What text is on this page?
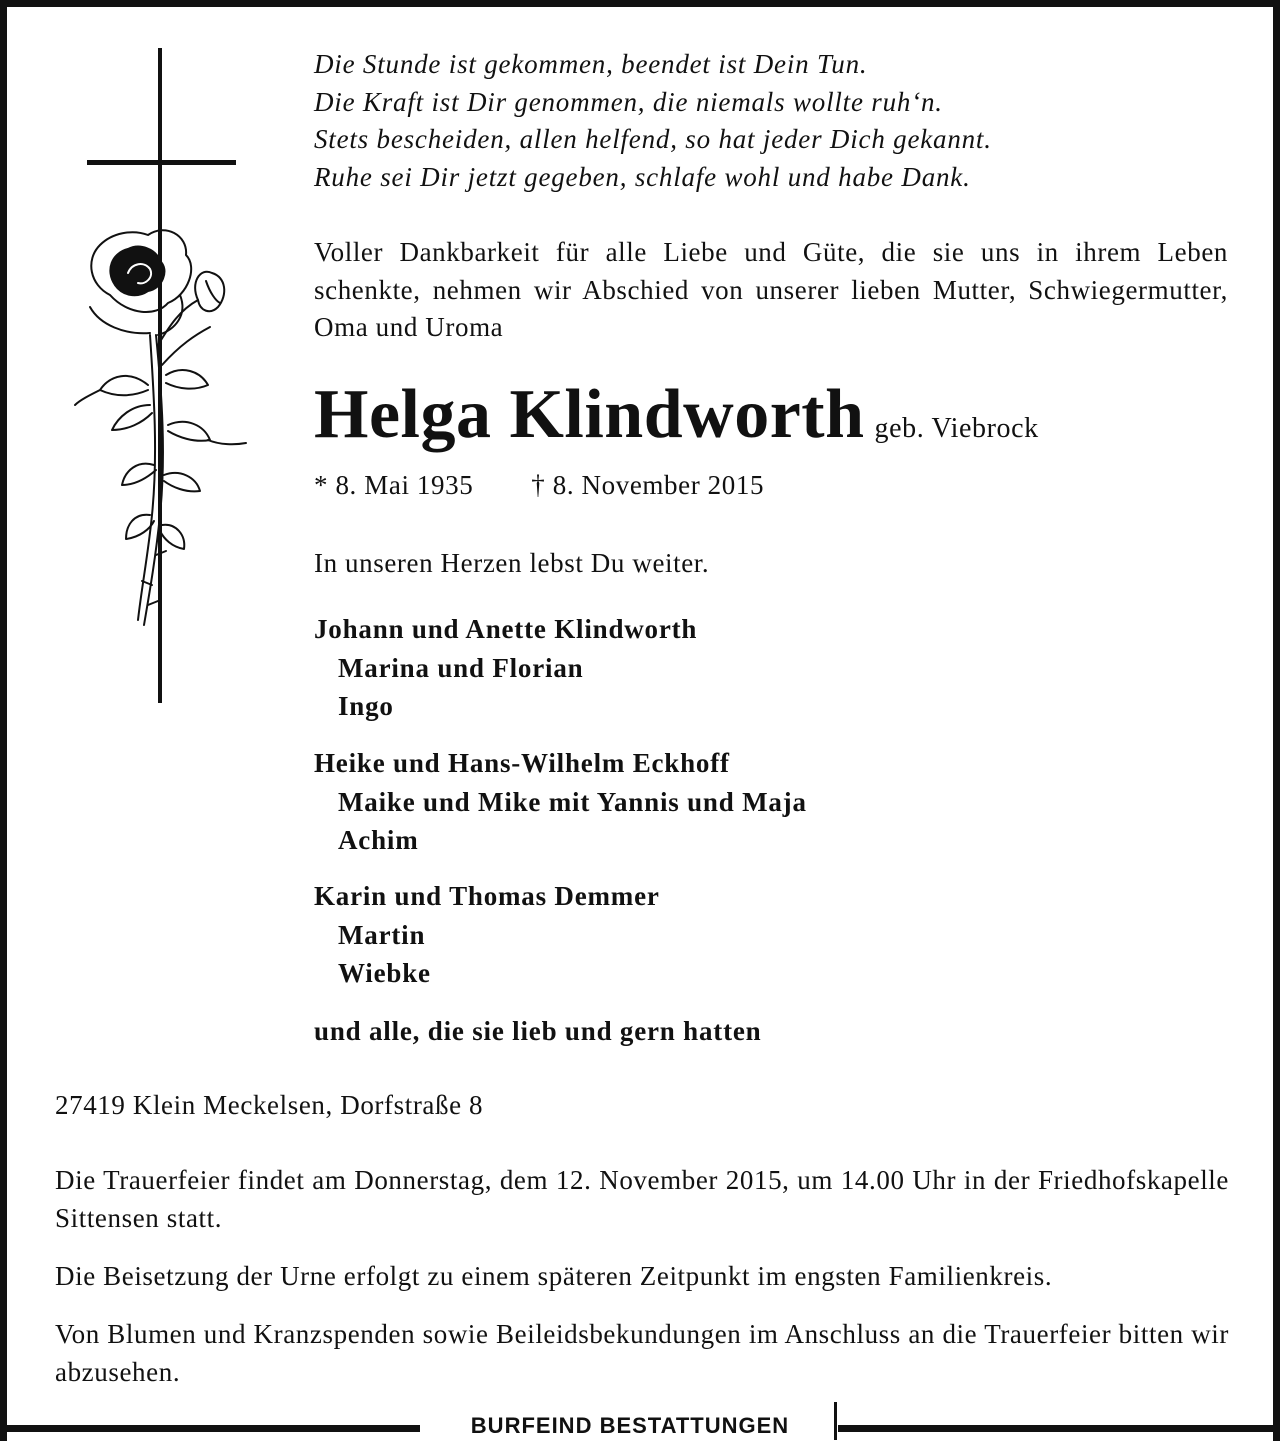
BURFEIND BESTATTUNGEN
Die Stunde ist gekommen, beendet ist Dein Tun.
Die Kraft ist Dir genommen, die niemals wollte ruh‘n.
Stets bescheiden, allen helfend, so hat jeder Dich gekannt.
Ruhe sei Dir jetzt gegeben, schlafe wohl und habe Dank.
Voller Dankbarkeit für alle Liebe und Güte, die sie uns in ihrem Leben schenkte, nehmen wir Abschied von unserer lieben Mutter, Schwiegermutter, Oma und Uroma
Helga Klindworth geb. Viebrock
* 8. Mai 1935 † 8. November 2015
In unseren Herzen lebst Du weiter.
Johann und Anette Klindworth
Marina und Florian
Ingo
Heike und Hans-Wilhelm Eckhoff
Maike und Mike mit Yannis und Maja
Achim
Karin und Thomas Demmer
Martin
Wiebke
und alle, die sie lieb und gern hatten
27419 Klein Meckelsen, Dorfstraße 8
Die Trauerfeier findet am Donnerstag, dem 12. November 2015, um 14.00 Uhr in der Friedhofskapelle Sittensen statt.
Die Beisetzung der Urne erfolgt zu einem späteren Zeitpunkt im engsten Familienkreis.
Von Blumen und Kranzspenden sowie Beileidsbekundungen im Anschluss an die Trauerfeier bitten wir abzusehen.
